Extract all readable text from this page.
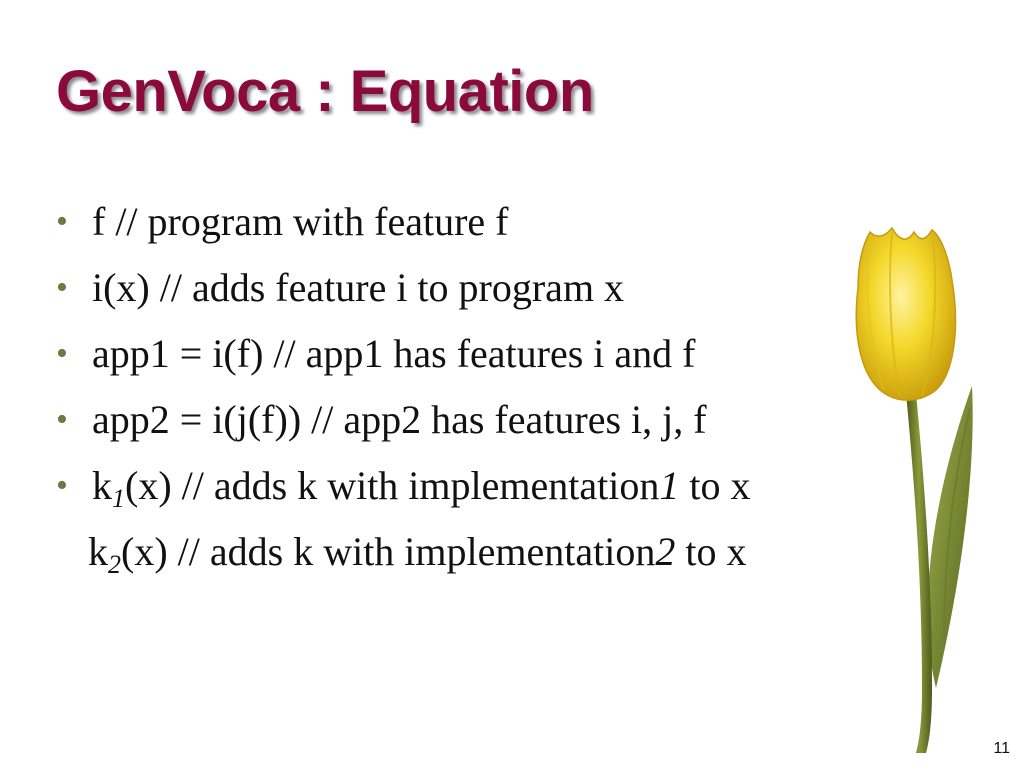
GenVoca : Equation
• f // program with feature f
• i(x) // adds feature i to program x
• app1 = i(f) // app1 has features i and f
• app2 = i(j(f)) // app2 has features i, j, f
• $k_1(x)$ // adds k with implementation1 to x
$k_2(x)$ // adds k with implementation2 to x
11
